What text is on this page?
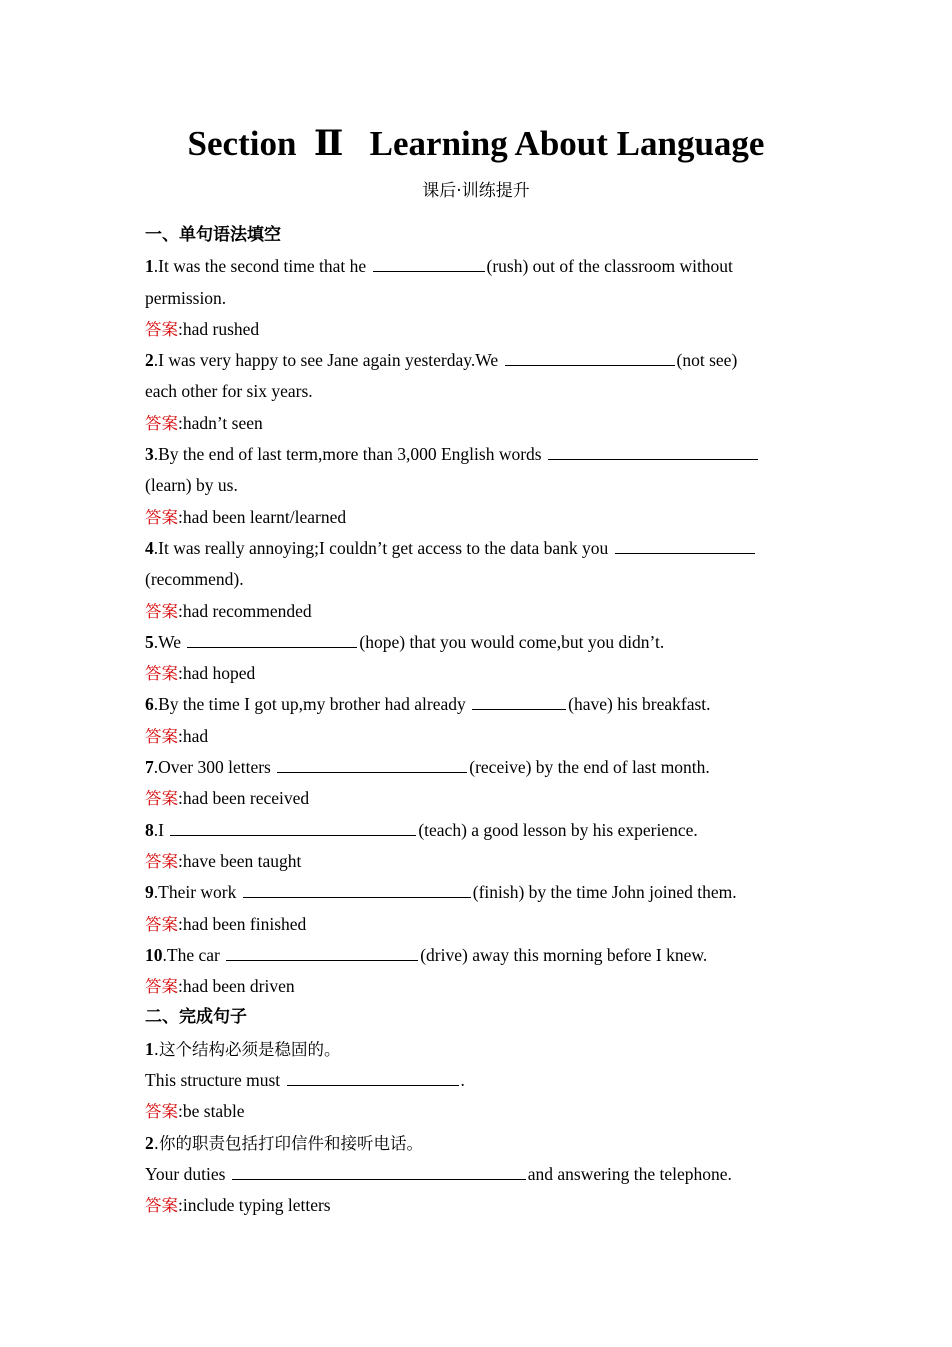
Section  Ⅱ   Learning About Language
课后·训练提升
一、单句语法填空
1.It was the second time that he	(rush) out of the classroom without
permission.
答案:had rushed
2.I was very happy to see Jane again yesterday.We	(not see)
each other for six years.
答案:hadn’t seen
3.By the end of last term,more than 3,000 English words
(learn) by us.
答案:had been learnt/learned
4.It was really annoying;I couldn’t get access to the data bank you
(recommend).
答案:had recommended
5.We	(hope) that you would come,but you didn’t.
答案:had hoped
6.By the time I got up,my brother had already	(have) his breakfast.
答案:had
7.Over 300 letters	(receive) by the end of last month.
答案:had been received
8.I	(teach) a good lesson by his experience.
答案:have been taught
9.Their work	(finish) by the time John joined them.
答案:had been finished
10.The car	(drive) away this morning before I knew.
答案:had been driven
二、完成句子
1.这个结构必须是稳固的。
This structure must	.
答案:be stable
2.你的职责包括打印信件和接听电话。
Your duties	and answering the telephone.
答案:include typing letters
